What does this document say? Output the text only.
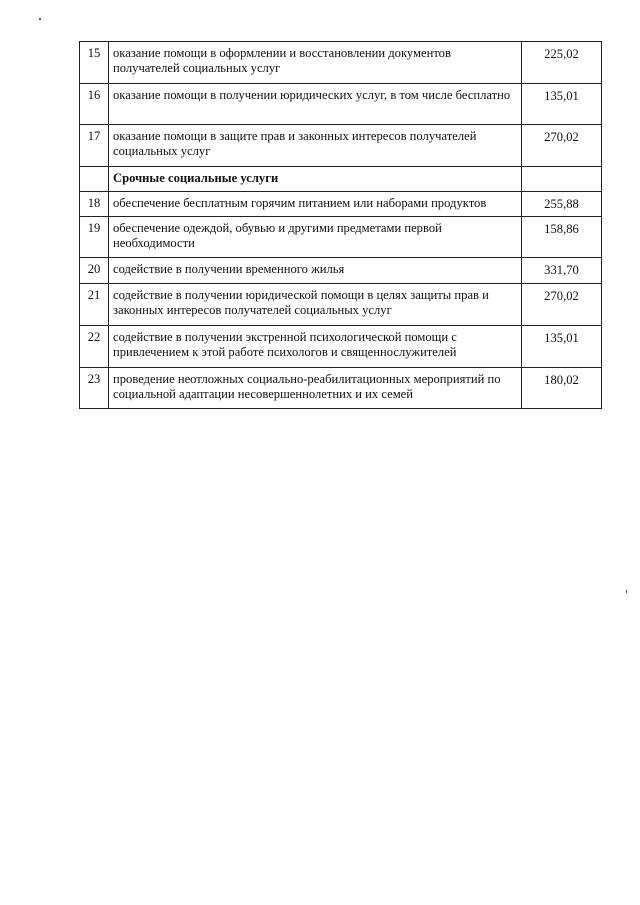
15	оказание помощи в оформлении и восстановлении документов получателей социальных услуг	225,02
16	оказание помощи в получении юридических услуг, в том числе бесплатно	135,01
17	оказание помощи в защите прав и законных интересов получателей социальных услуг	270,02
	Срочные социальные услуги	
18	обеспечение бесплатным горячим питанием или наборами продуктов	255,88
19	обеспечение одеждой, обувью и другими предметами первой необходимости	158,86
20	содействие в получении временного жилья	331,70
21	содействие в получении юридической помощи в целях защиты прав и законных интересов получателей социальных услуг	270,02
22	содействие в получении экстренной психологической помощи с привлечением к этой работе психологов и священнослужителей	135,01
23	проведение неотложных социально-реабилитационных мероприятий по социальной адаптации несовершеннолетних и их семей	180,02
